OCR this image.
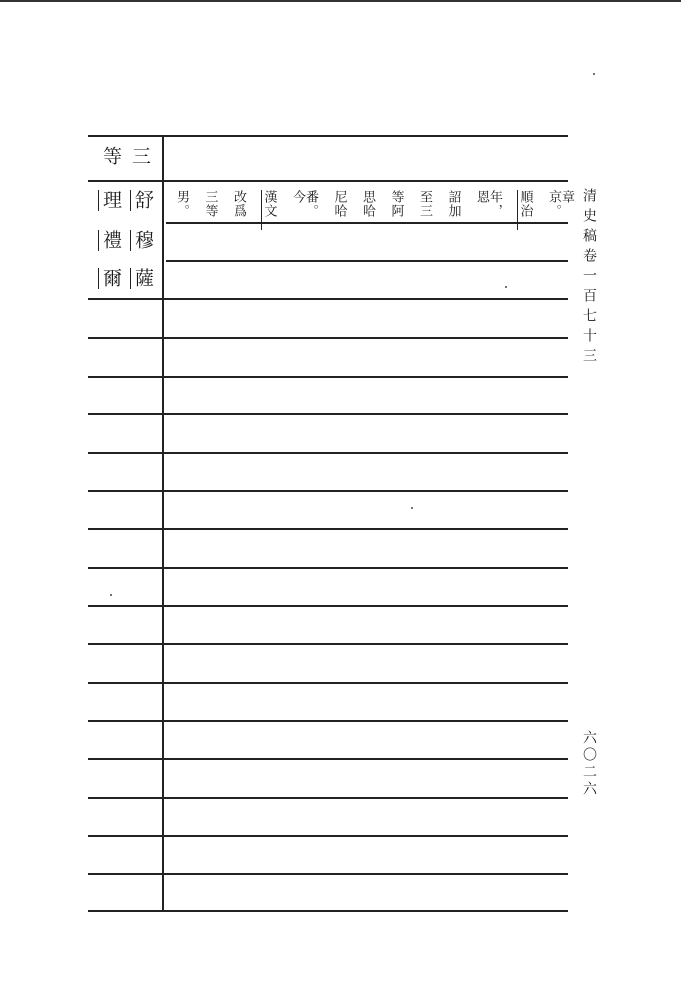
三
等
舒
理
穆
禮
薩
爾
章京。
順治
年，恩
詔加
至三
等阿
思哈
尼哈
番。今
漢文
改爲
三等
男。	清史稿卷一百七十三
六〇二六
